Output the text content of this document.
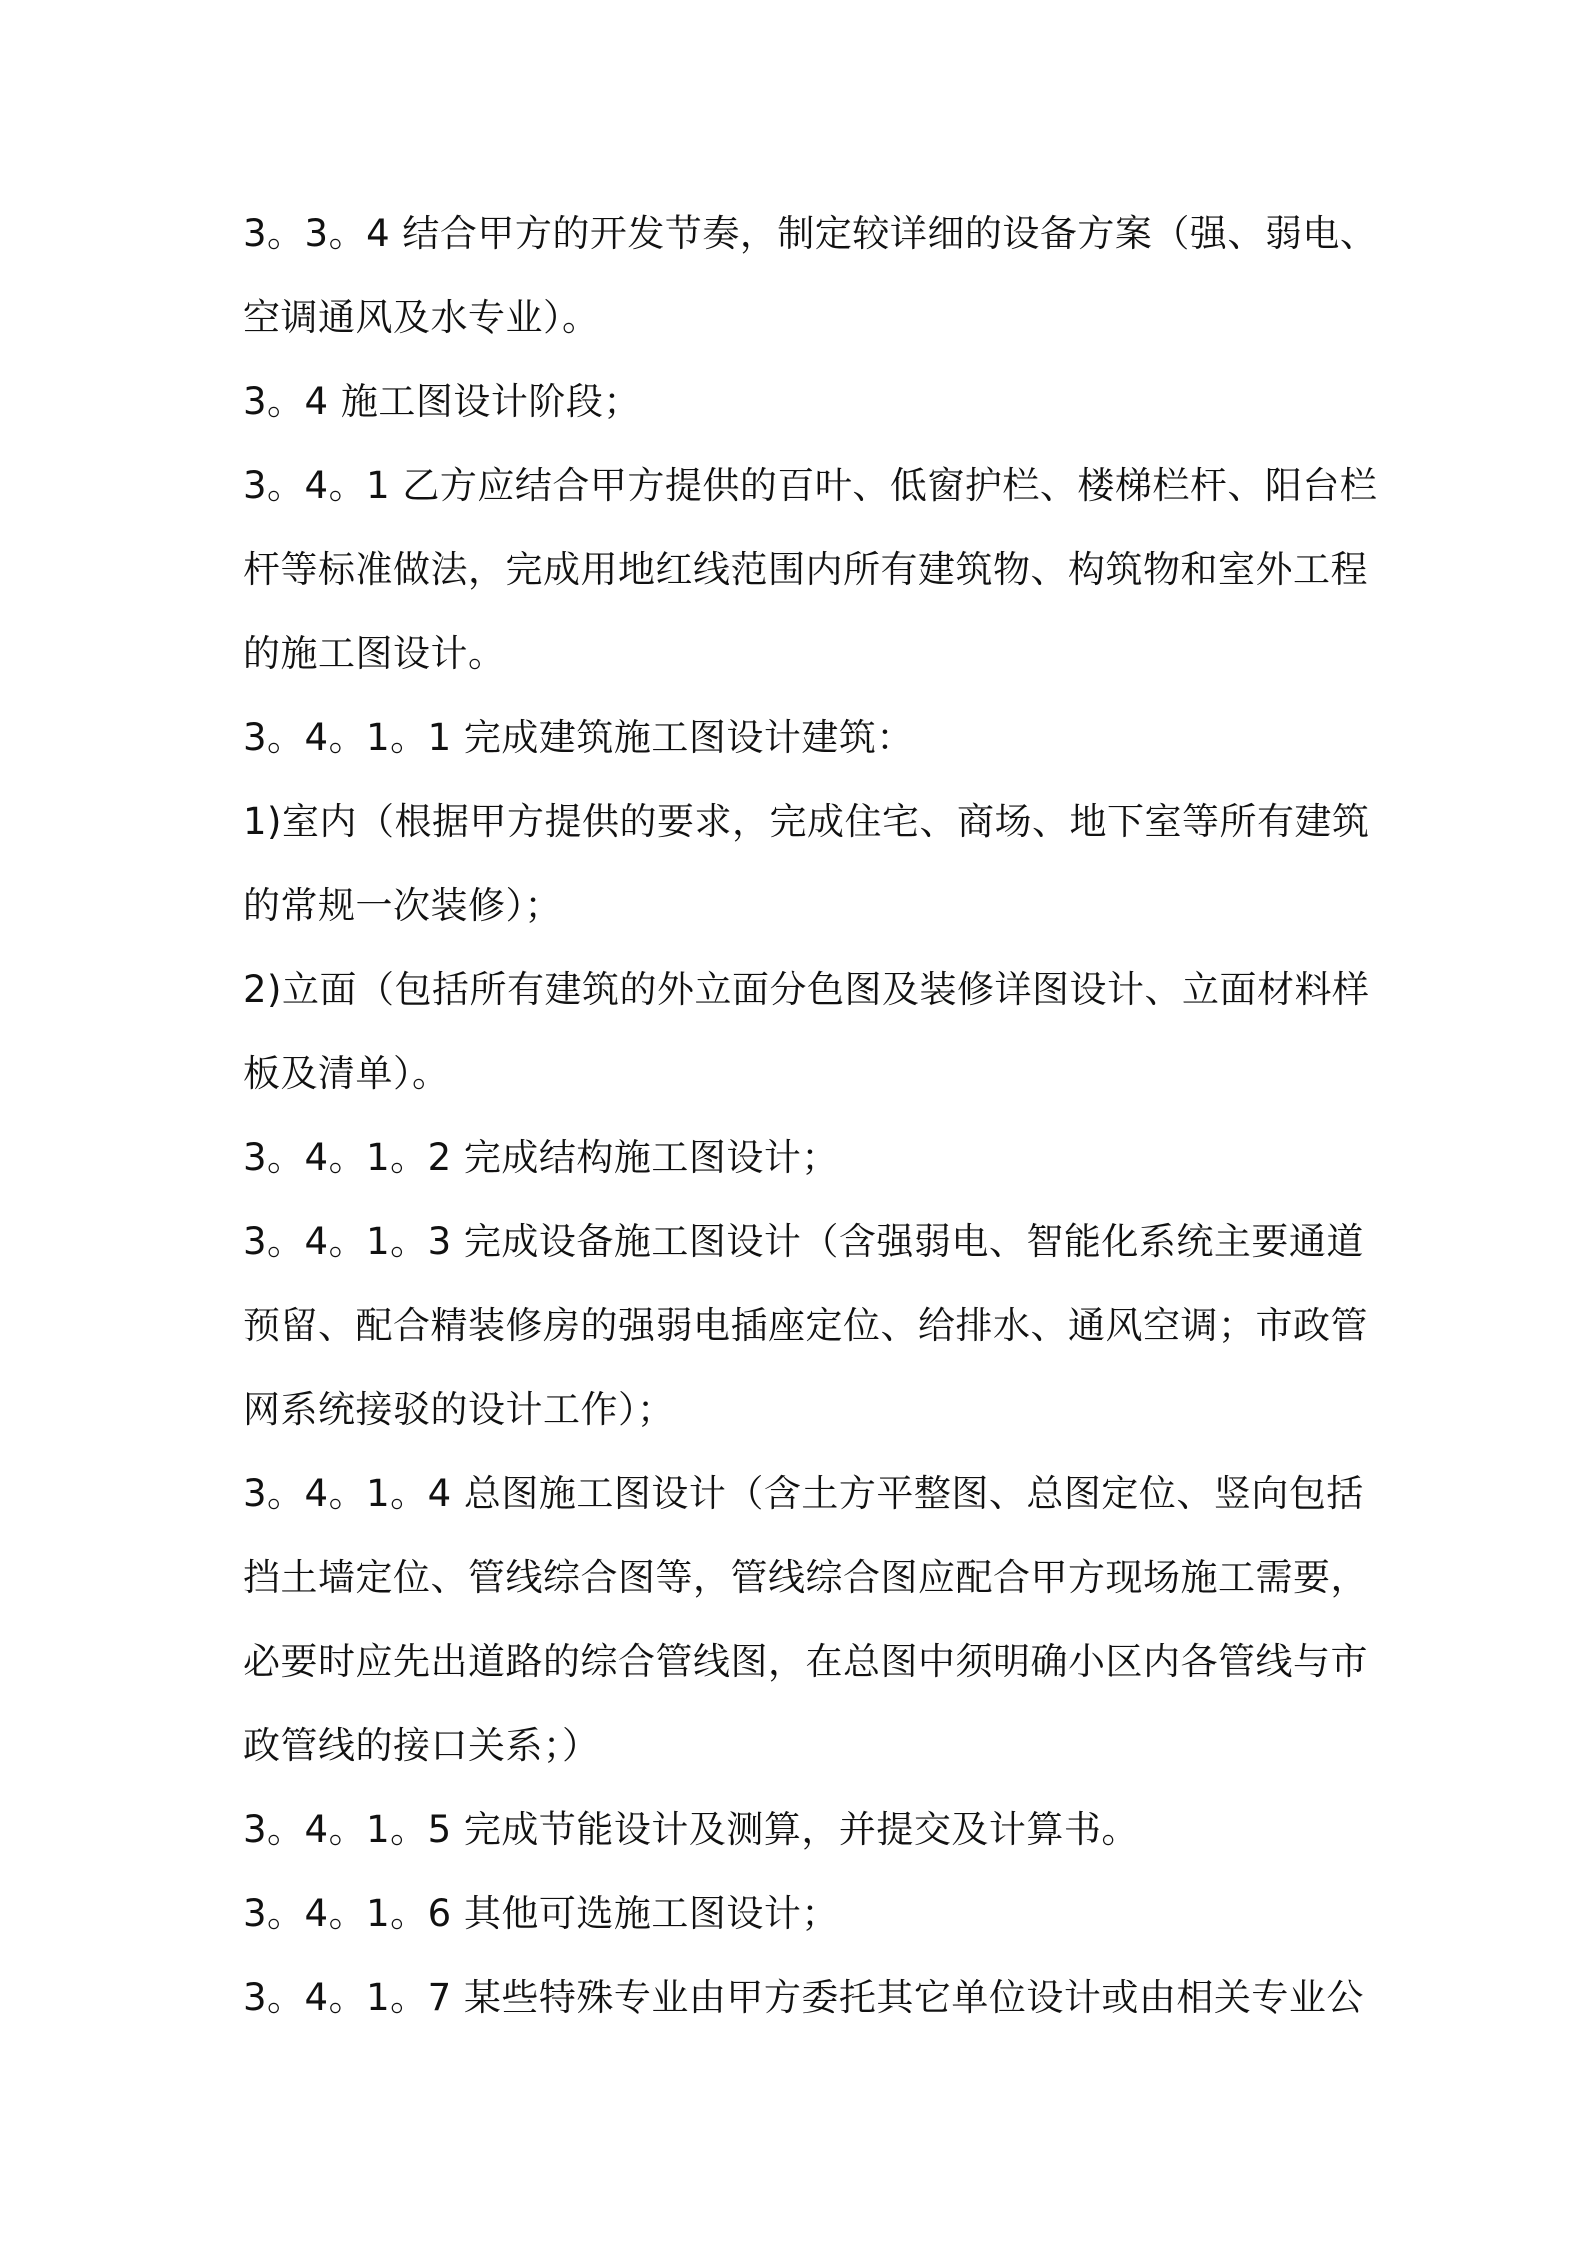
3。3。4 结合甲方的开发节奏，制定较详细的设备方案（强、弱电、
空调通风及水专业）。
3。4 施工图设计阶段；
3。4。1 乙方应结合甲方提供的百叶、低窗护栏、楼梯栏杆、阳台栏
杆等标准做法，完成用地红线范围内所有建筑物、构筑物和室外工程
的施工图设计。
3。4。1。1 完成建筑施工图设计建筑：
1)室内（根据甲方提供的要求，完成住宅、商场、地下室等所有建筑
的常规一次装修）；
2)立面（包括所有建筑的外立面分色图及装修详图设计、立面材料样
板及清单）。
3。4。1。2 完成结构施工图设计；
3。4。1。3 完成设备施工图设计（含强弱电、智能化系统主要通道
预留、配合精装修房的强弱电插座定位、给排水、通风空调；市政管
网系统接驳的设计工作）；
3。4。1。4 总图施工图设计（含土方平整图、总图定位、竖向包括
挡土墙定位、管线综合图等，管线综合图应配合甲方现场施工需要，
必要时应先出道路的综合管线图，在总图中须明确小区内各管线与市
政管线的接口关系；）
3。4。1。5 完成节能设计及测算，并提交及计算书。
3。4。1。6 其他可选施工图设计；
3。4。1。7 某些特殊专业由甲方委托其它单位设计或由相关专业公
